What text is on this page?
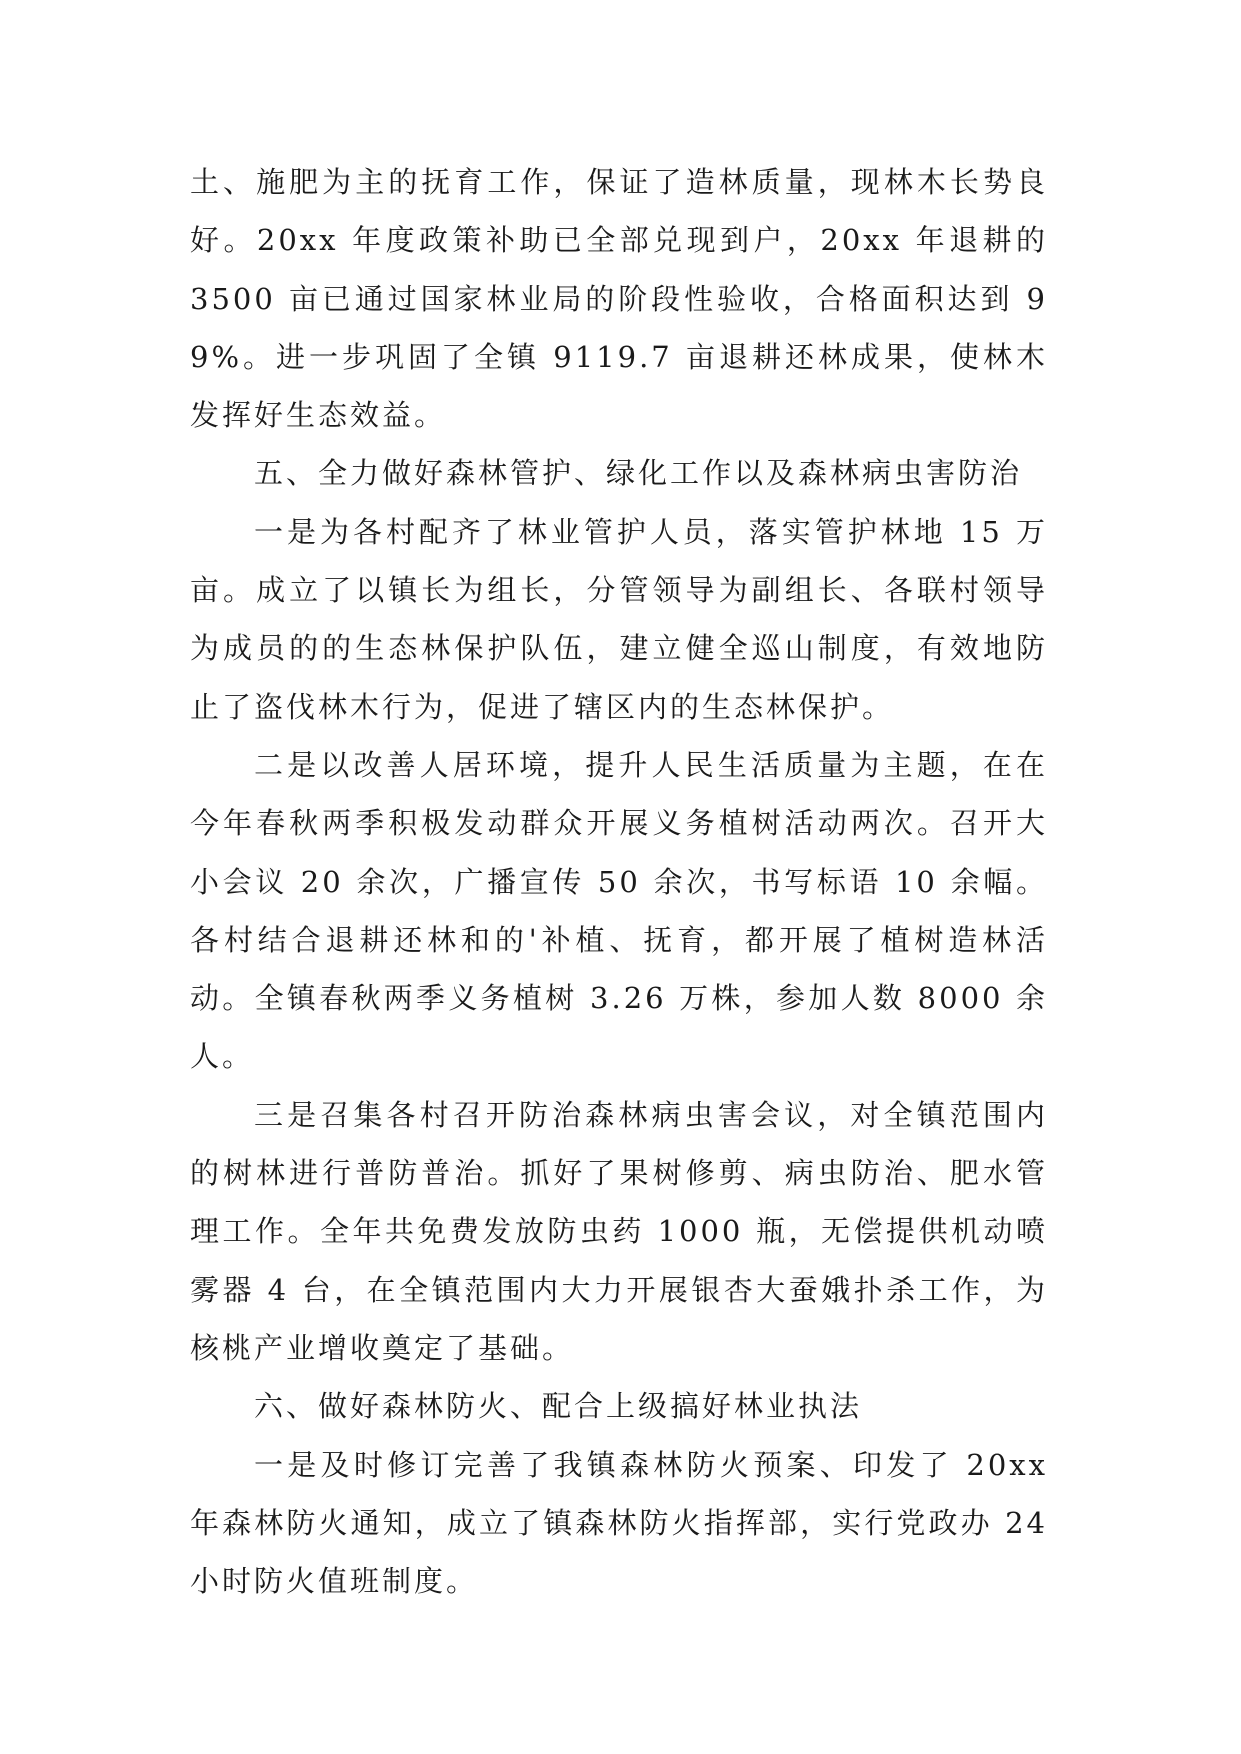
土、施肥为主的抚育工作，保证了造林质量，现林木长势良好。20xx 年度政策补助已全部兑现到户，20xx 年退耕的 3500 亩已通过国家林业局的阶段性验收，合格面积达到 99%。进一步巩固了全镇 9119.7 亩退耕还林成果，使林木发挥好生态效益。

五、全力做好森林管护、绿化工作以及森林病虫害防治

一是为各村配齐了林业管护人员，落实管护林地 15 万亩。成立了以镇长为组长，分管领导为副组长、各联村领导为成员的的生态林保护队伍，建立健全巡山制度，有效地防止了盗伐林木行为，促进了辖区内的生态林保护。

二是以改善人居环境，提升人民生活质量为主题，在在今年春秋两季积极发动群众开展义务植树活动两次。召开大小会议 20 余次，广播宣传 50 余次，书写标语 10 余幅。各村结合退耕还林和的'补植、抚育，都开展了植树造林活动。全镇春秋两季义务植树 3.26 万株，参加人数 8000 余人。

三是召集各村召开防治森林病虫害会议，对全镇范围内的树林进行普防普治。抓好了果树修剪、病虫防治、肥水管理工作。全年共免费发放防虫药 1000 瓶，无偿提供机动喷雾器 4 台，在全镇范围内大力开展银杏大蚕娥扑杀工作，为核桃产业增收奠定了基础。

六、做好森林防火、配合上级搞好林业执法

一是及时修订完善了我镇森林防火预案、印发了 20xx 年森林防火通知，成立了镇森林防火指挥部，实行党政办 24 小时防火值班制度。
